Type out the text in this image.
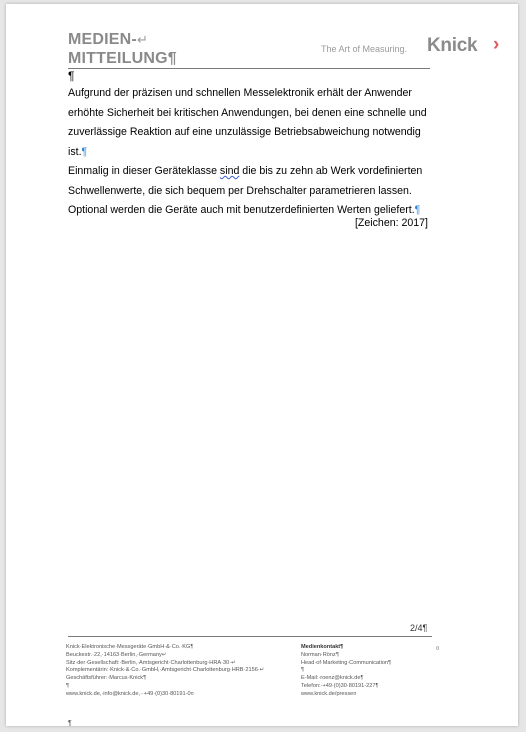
MEDIEN-↵
MITTEILUNG¶
The Art of Measuring. Knick ›
¶

Aufgrund der präzisen und schnellen Messelektronik erhält der Anwender erhöhte Sicherheit bei kritischen Anwendungen, bei denen eine schnelle und zuverlässige Reaktion auf eine unzulässige Betriebsabweichung notwendig ist.¶

Einmalig in dieser Geräteklasse sind die bis zu zehn ab Werk vordefinierten Schwellenwerte, die sich bequem per Drehschalter parametrieren lassen. Optional werden die Geräte auch mit benutzerdefinierten Werten geliefert.¶

[Zeichen: 2017]
2/4¶
Knick·Elektronische·Messgeräte·GmbH·&·Co.·KG¶
Beuckestr.·22,·14163·Berlin,·Germany↵
Sitz·der·Gesellschaft:·Berlin,·Amtsgericht·Charlottenburg·HRA·30·↵
Komplementärin:·Knick·&·Co.·GmbH,·Amtsgericht·Charlottenburg·HRB·2156·↵
Geschäftsführer:·Marcus·Knick¶
¶
www.knick.de,·info@knick.de,··+49·(0)30·80191-0¤
Medienkontakt¶
Norman·Rönz¶
Head·of·Marketing·Communication¶
¶
E-Mail:·roenz@knick.de¶
Telefon:·+49·(0)30·80191-227¶
www.knick.de/presse¤
¤
¶
